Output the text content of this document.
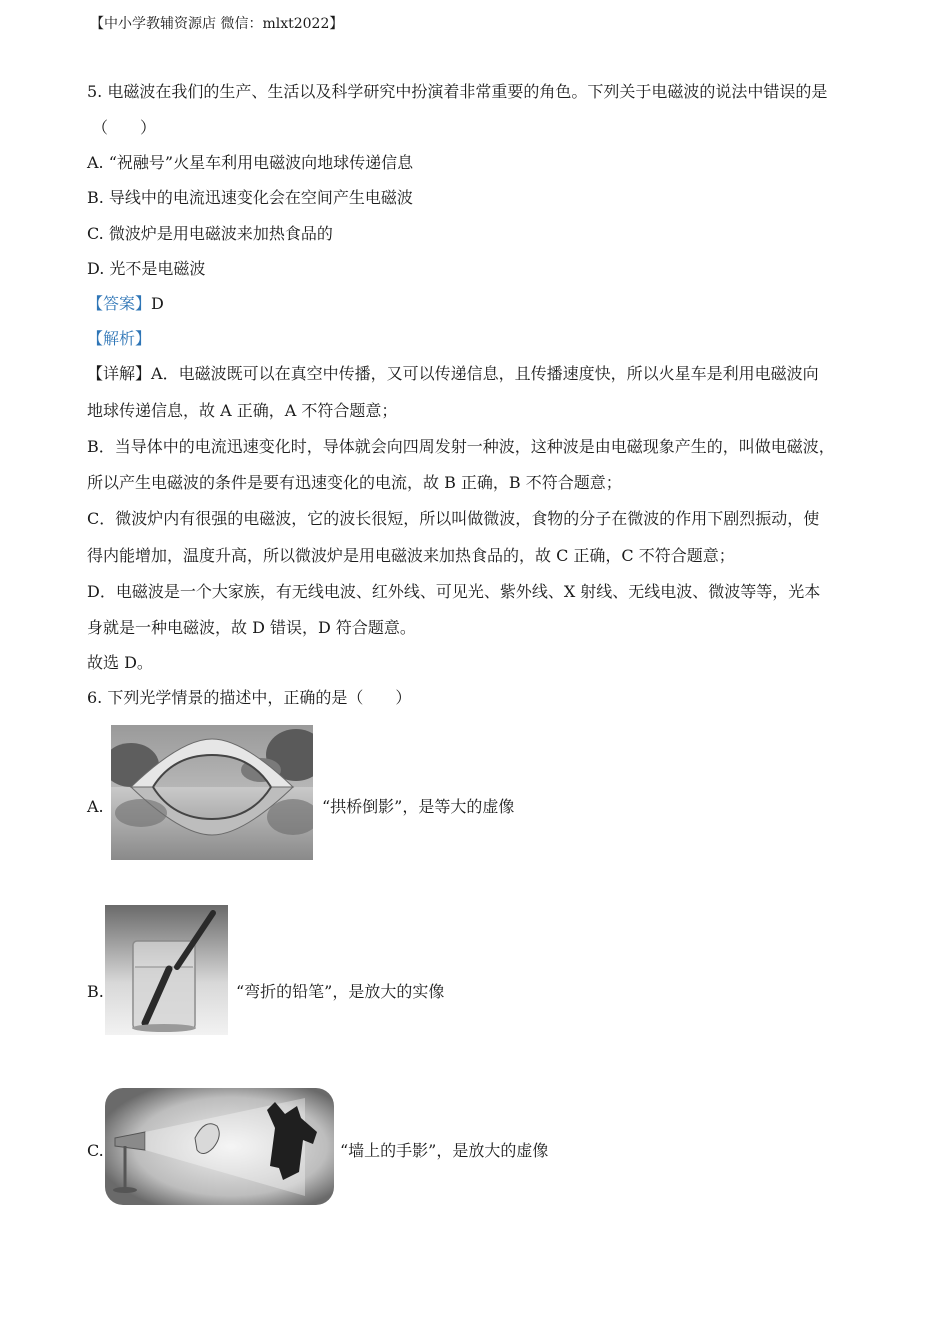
【中小学教辅资源店 微信：mlxt2022】
5. 电磁波在我们的生产、生活以及科学研究中扮演着非常重要的角色。下列关于电磁波的说法中错误的是
（　　）
A. “祝融号”火星车利用电磁波向地球传递信息
B. 导线中的电流迅速变化会在空间产生电磁波
C. 微波炉是用电磁波来加热食品的
D. 光不是电磁波
【答案】D
【解析】
【详解】A．电磁波既可以在真空中传播，又可以传递信息，且传播速度快，所以火星车是利用电磁波向
地球传递信息，故 A 正确，A 不符合题意；
B．当导体中的电流迅速变化时，导体就会向四周发射一种波，这种波是由电磁现象产生的，叫做电磁波，
所以产生电磁波的条件是要有迅速变化的电流，故 B 正确，B 不符合题意；
C．微波炉内有很强的电磁波，它的波长很短，所以叫做微波，食物的分子在微波的作用下剧烈振动，使
得内能增加，温度升高，所以微波炉是用电磁波来加热食品的，故 C 正确，C 不符合题意；
D．电磁波是一个大家族，有无线电波、红外线、可见光、紫外线、X 射线、无线电波、微波等等，光本
身就是一种电磁波，故 D 错误，D 符合题意。
故选 D。
6. 下列光学情景的描述中，正确的是（　　）
A.	“拱桥倒影”，是等大的虚像
B.	“弯折的铅笔”，是放大的实像
C.	“墙上的手影”，是放大的虚像
